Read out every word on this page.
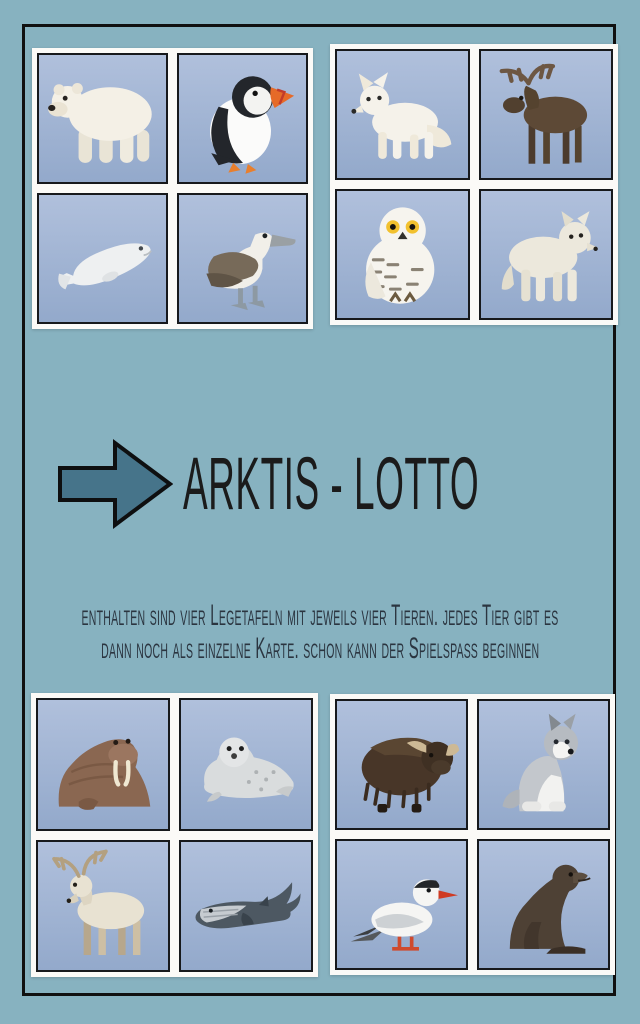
ARKTIS - LOTTO

enthalten sind vier Legetafeln mit jeweils vier Tieren. jedes Tier gibt es
dann noch als einzelne Karte. schon kann der Spielspaß beginnen
